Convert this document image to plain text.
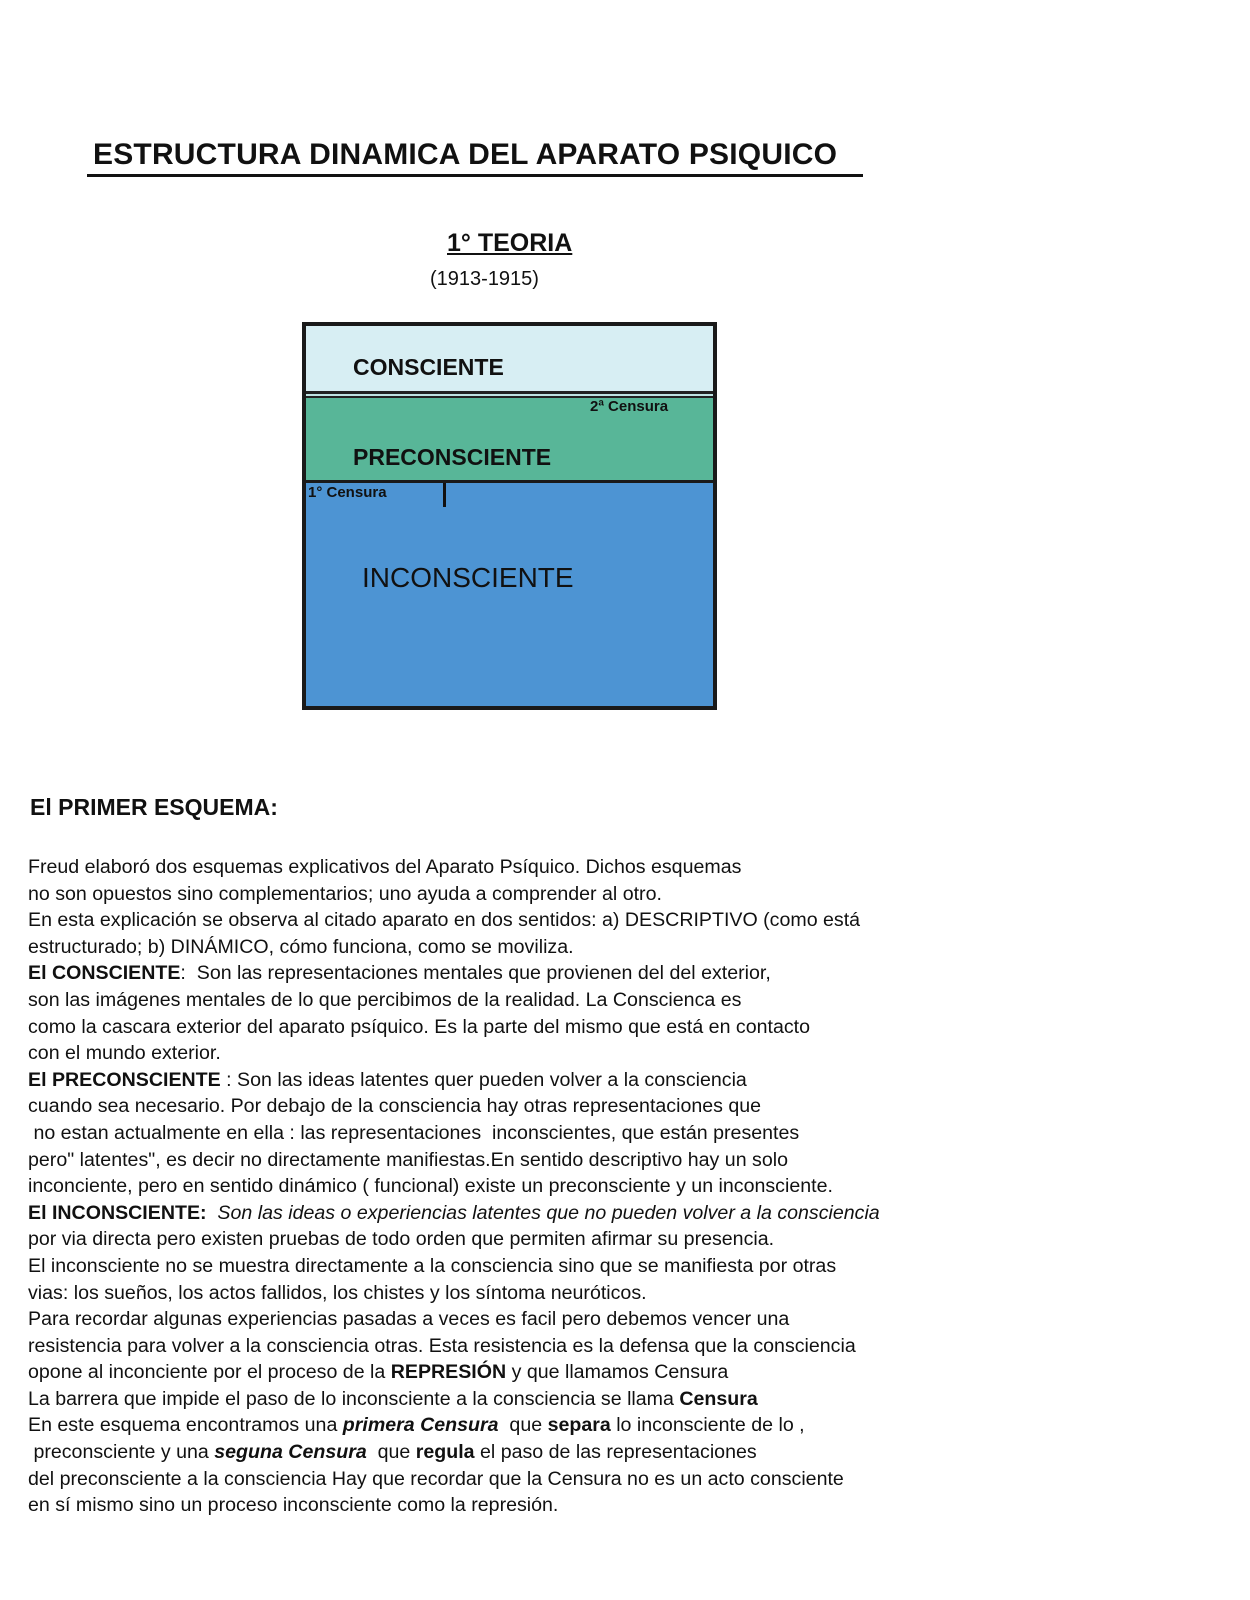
ESTRUCTURA DINAMICA DEL APARATO PSIQUICO
1° TEORIA
(1913-1915)
CONSCIENTE
2ª Censura
PRECONSCIENTE
1° Censura
INCONSCIENTE
El PRIMER ESQUEMA:
Freud elaboró dos esquemas explicativos del Aparato Psíquico. Dichos esquemas
no son opuestos sino complementarios; uno ayuda a comprender al otro.
En esta explicación se observa al citado aparato en dos sentidos: a) DESCRIPTIVO (como está
estructurado; b) DINÁMICO, cómo funciona, como se moviliza.
El CONSCIENTE:  Son las representaciones mentales que provienen del del exterior,
son las imágenes mentales de lo que percibimos de la realidad. La Conscienca es
como la cascara exterior del aparato psíquico. Es la parte del mismo que está en contacto
con el mundo exterior.
El PRECONSCIENTE : Son las ideas latentes quer pueden volver a la consciencia
cuando sea necesario. Por debajo de la consciencia hay otras representaciones que
no estan actualmente en ella : las representaciones  inconscientes, que están presentes
pero" latentes", es decir no directamente manifiestas.En sentido descriptivo hay un solo
inconciente, pero en sentido dinámico ( funcional) existe un preconsciente y un inconsciente.
El INCONSCIENTE:  Son las ideas o experiencias latentes que no pueden volver a la consciencia
por via directa pero existen pruebas de todo orden que permiten afirmar su presencia.
El inconsciente no se muestra directamente a la consciencia sino que se manifiesta por otras
vias: los sueños, los actos fallidos, los chistes y los síntoma neuróticos.
Para recordar algunas experiencias pasadas a veces es facil pero debemos vencer una
resistencia para volver a la consciencia otras. Esta resistencia es la defensa que la consciencia
opone al inconciente por el proceso de la REPRESIÓN y que llamamos Censura
La barrera que impide el paso de lo inconsciente a la consciencia se llama Censura
En este esquema encontramos una primera Censura  que separa lo inconsciente de lo ,
preconsciente y una seguna Censura  que regula el paso de las representaciones
del preconsciente a la consciencia Hay que recordar que la Censura no es un acto consciente
en sí mismo sino un proceso inconsciente como la represión.
